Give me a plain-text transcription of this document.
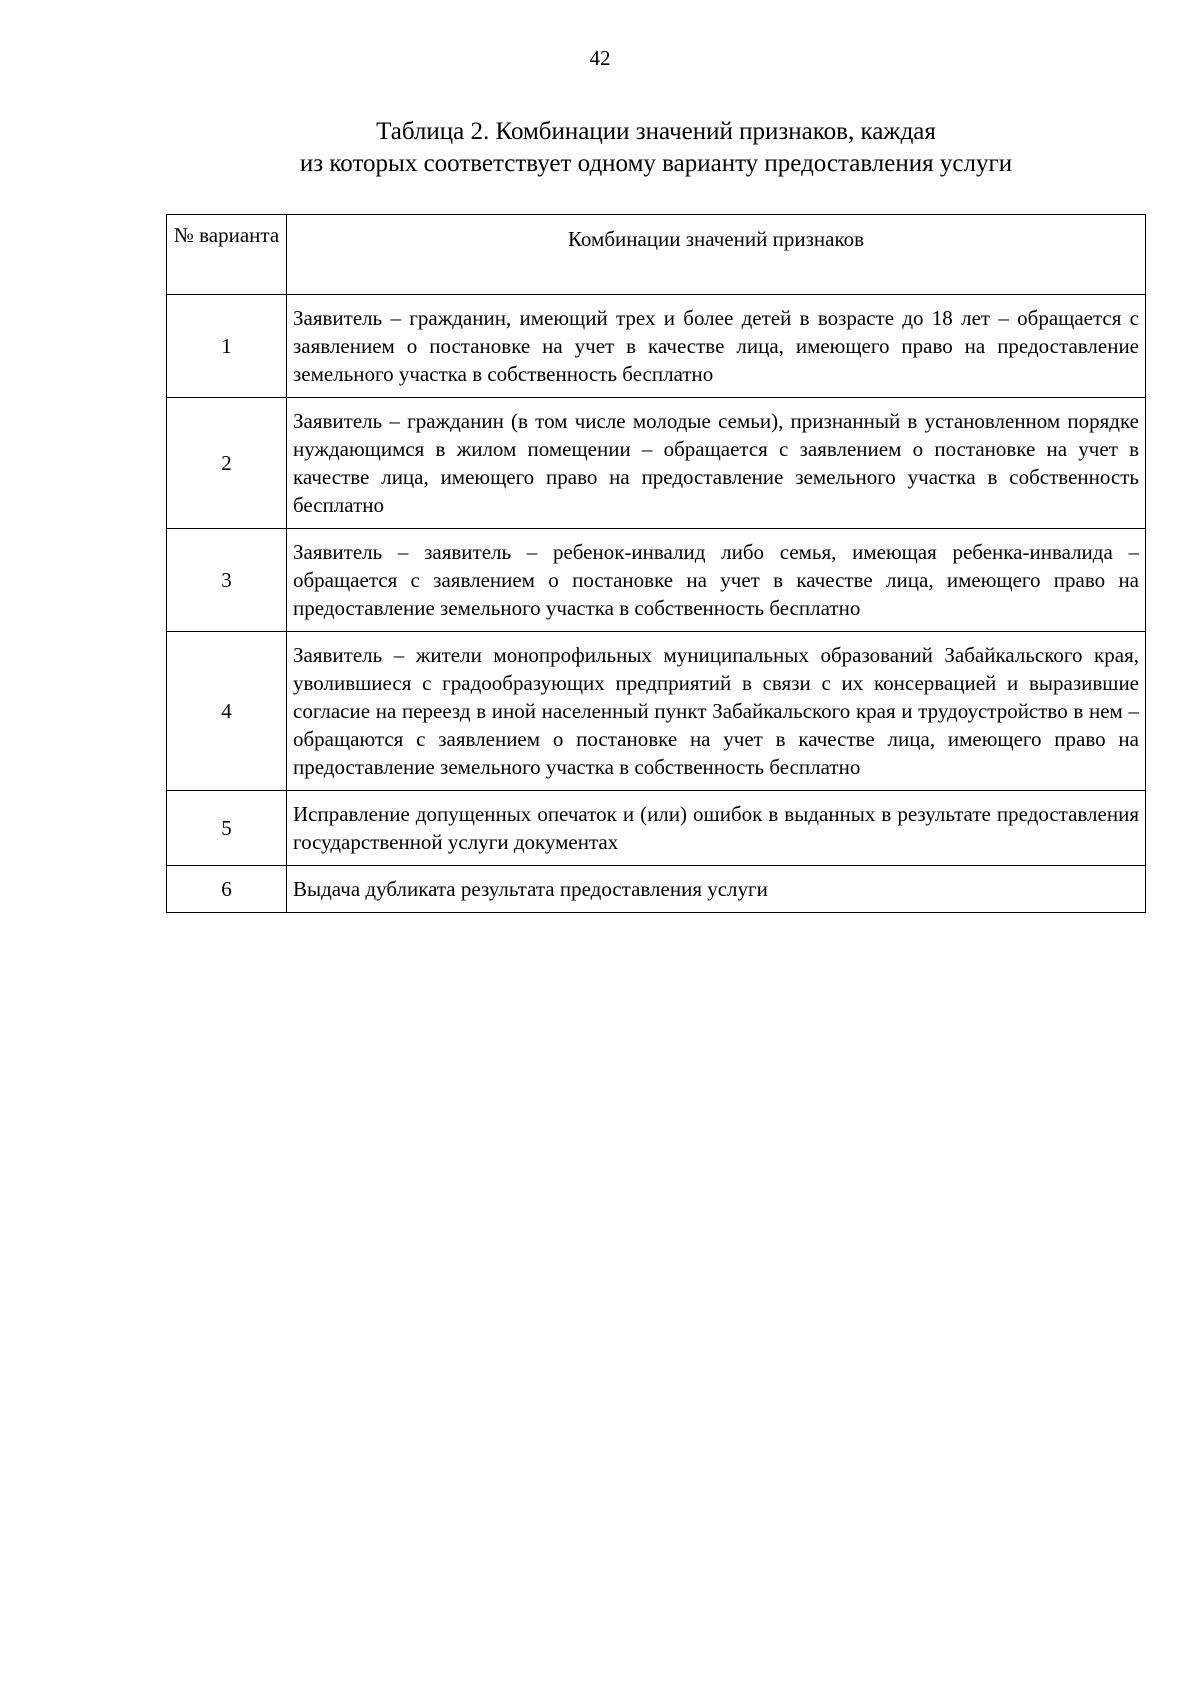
42
Таблица 2. Комбинации значений признаков, каждая
из которых соответствует одному варианту предоставления услуги
№ варианта	Комбинации значений признаков
1	Заявитель – гражданин, имеющий трех и более детей в возрасте до 18 лет – обращается с заявлением о постановке на учет в качестве лица, имеющего право на предоставление земельного участка в собственность бесплатно
2	Заявитель – гражданин (в том числе молодые семьи), признанный в установленном порядке нуждающимся в жилом помещении – обращается с заявлением о постановке на учет в качестве лица, имеющего право на предоставление земельного участка в собственность бесплатно
3	Заявитель – заявитель – ребенок-инвалид либо семья, имеющая ребенка-инвалида – обращается с заявлением о постановке на учет в качестве лица, имеющего право на предоставление земельного участка в собственность бесплатно
4	Заявитель – жители монопрофильных муниципальных образований Забайкальского края, уволившиеся с градообразующих предприятий в связи с их консервацией и выразившие согласие на переезд в иной населенный пункт Забайкальского края и трудоустройство в нем – обращаются с заявлением о постановке на учет в качестве лица, имеющего право на предоставление земельного участка в собственность бесплатно
5	Исправление допущенных опечаток и (или) ошибок в выданных в результате предоставления государственной услуги документах
6	Выдача дубликата результата предоставления услуги
